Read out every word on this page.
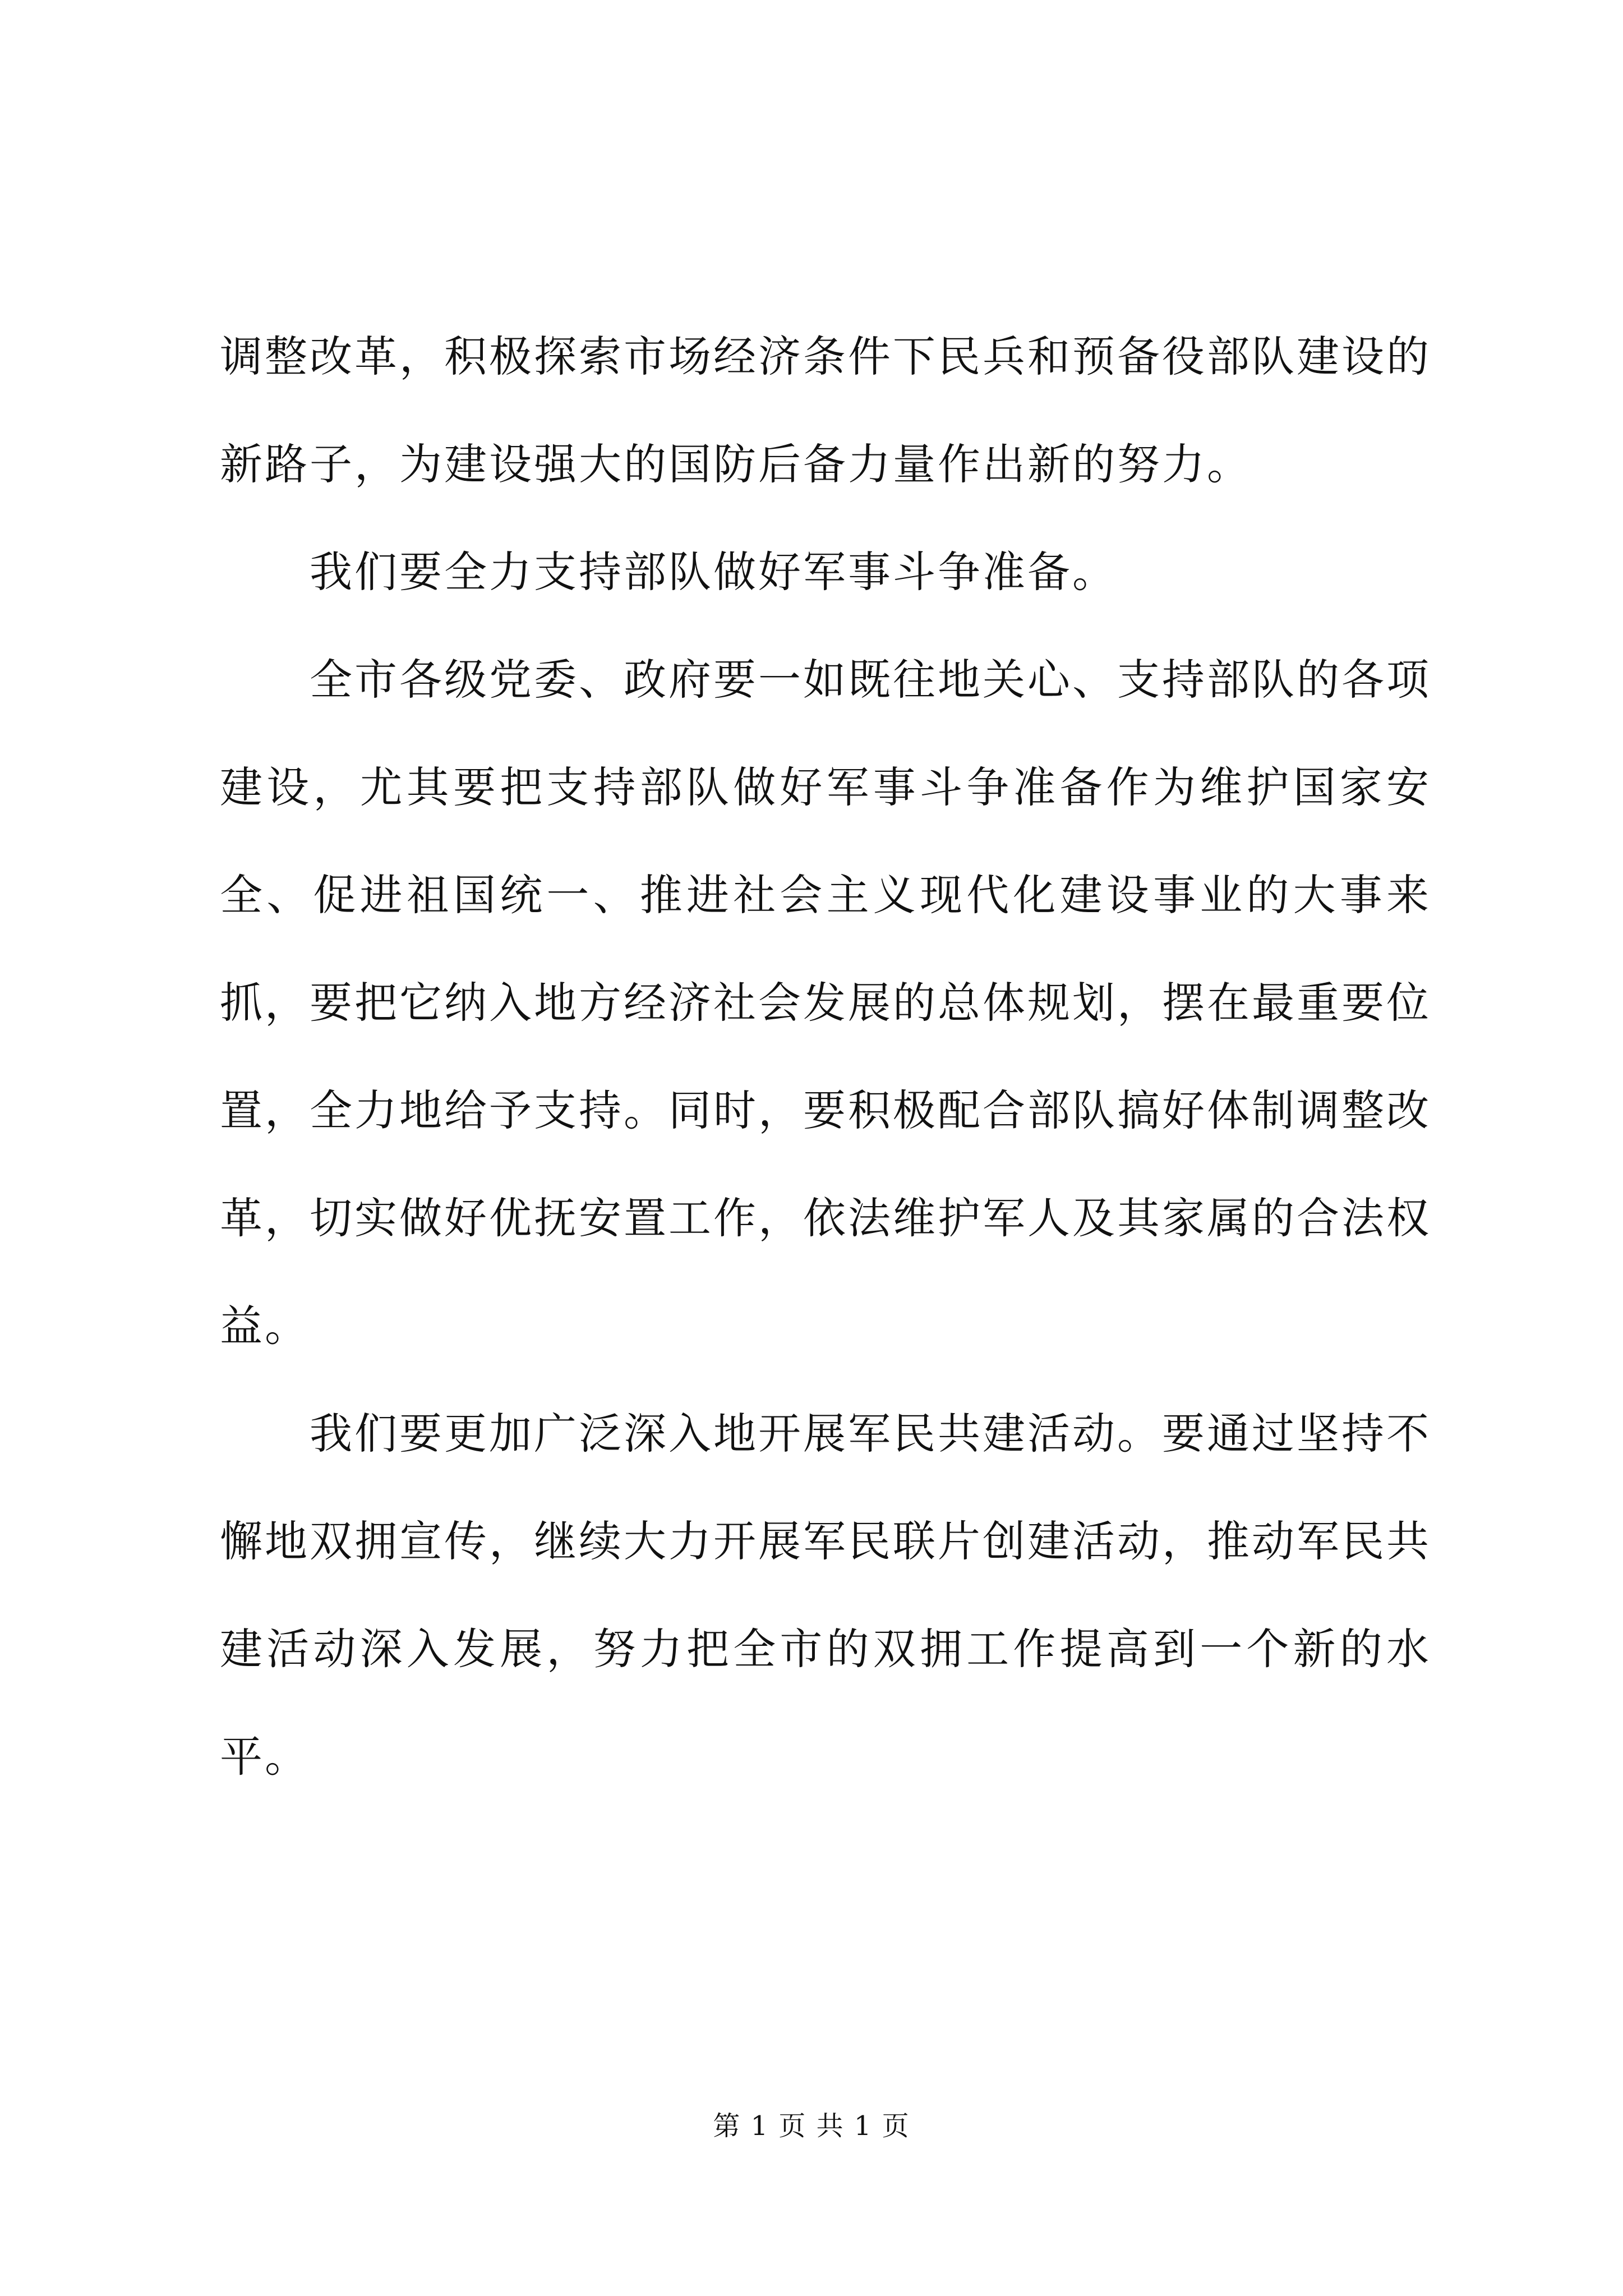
调整改革，积极探索市场经济条件下民兵和预备役部队建设的新路子，为建设强大的国防后备力量作出新的努力。

我们要全力支持部队做好军事斗争准备。

全市各级党委、政府要一如既往地关心、支持部队的各项建设，尤其要把支持部队做好军事斗争准备作为维护国家安全、促进祖国统一、推进社会主义现代化建设事业的大事来抓，要把它纳入地方经济社会发展的总体规划，摆在最重要位置，全力地给予支持。同时，要积极配合部队搞好体制调整改革，切实做好优抚安置工作，依法维护军人及其家属的合法权益。

我们要更加广泛深入地开展军民共建活动。要通过坚持不懈地双拥宣传，继续大力开展军民联片创建活动，推动军民共建活动深入发展，努力把全市的双拥工作提高到一个新的水平。

第 1 页 共 1 页
